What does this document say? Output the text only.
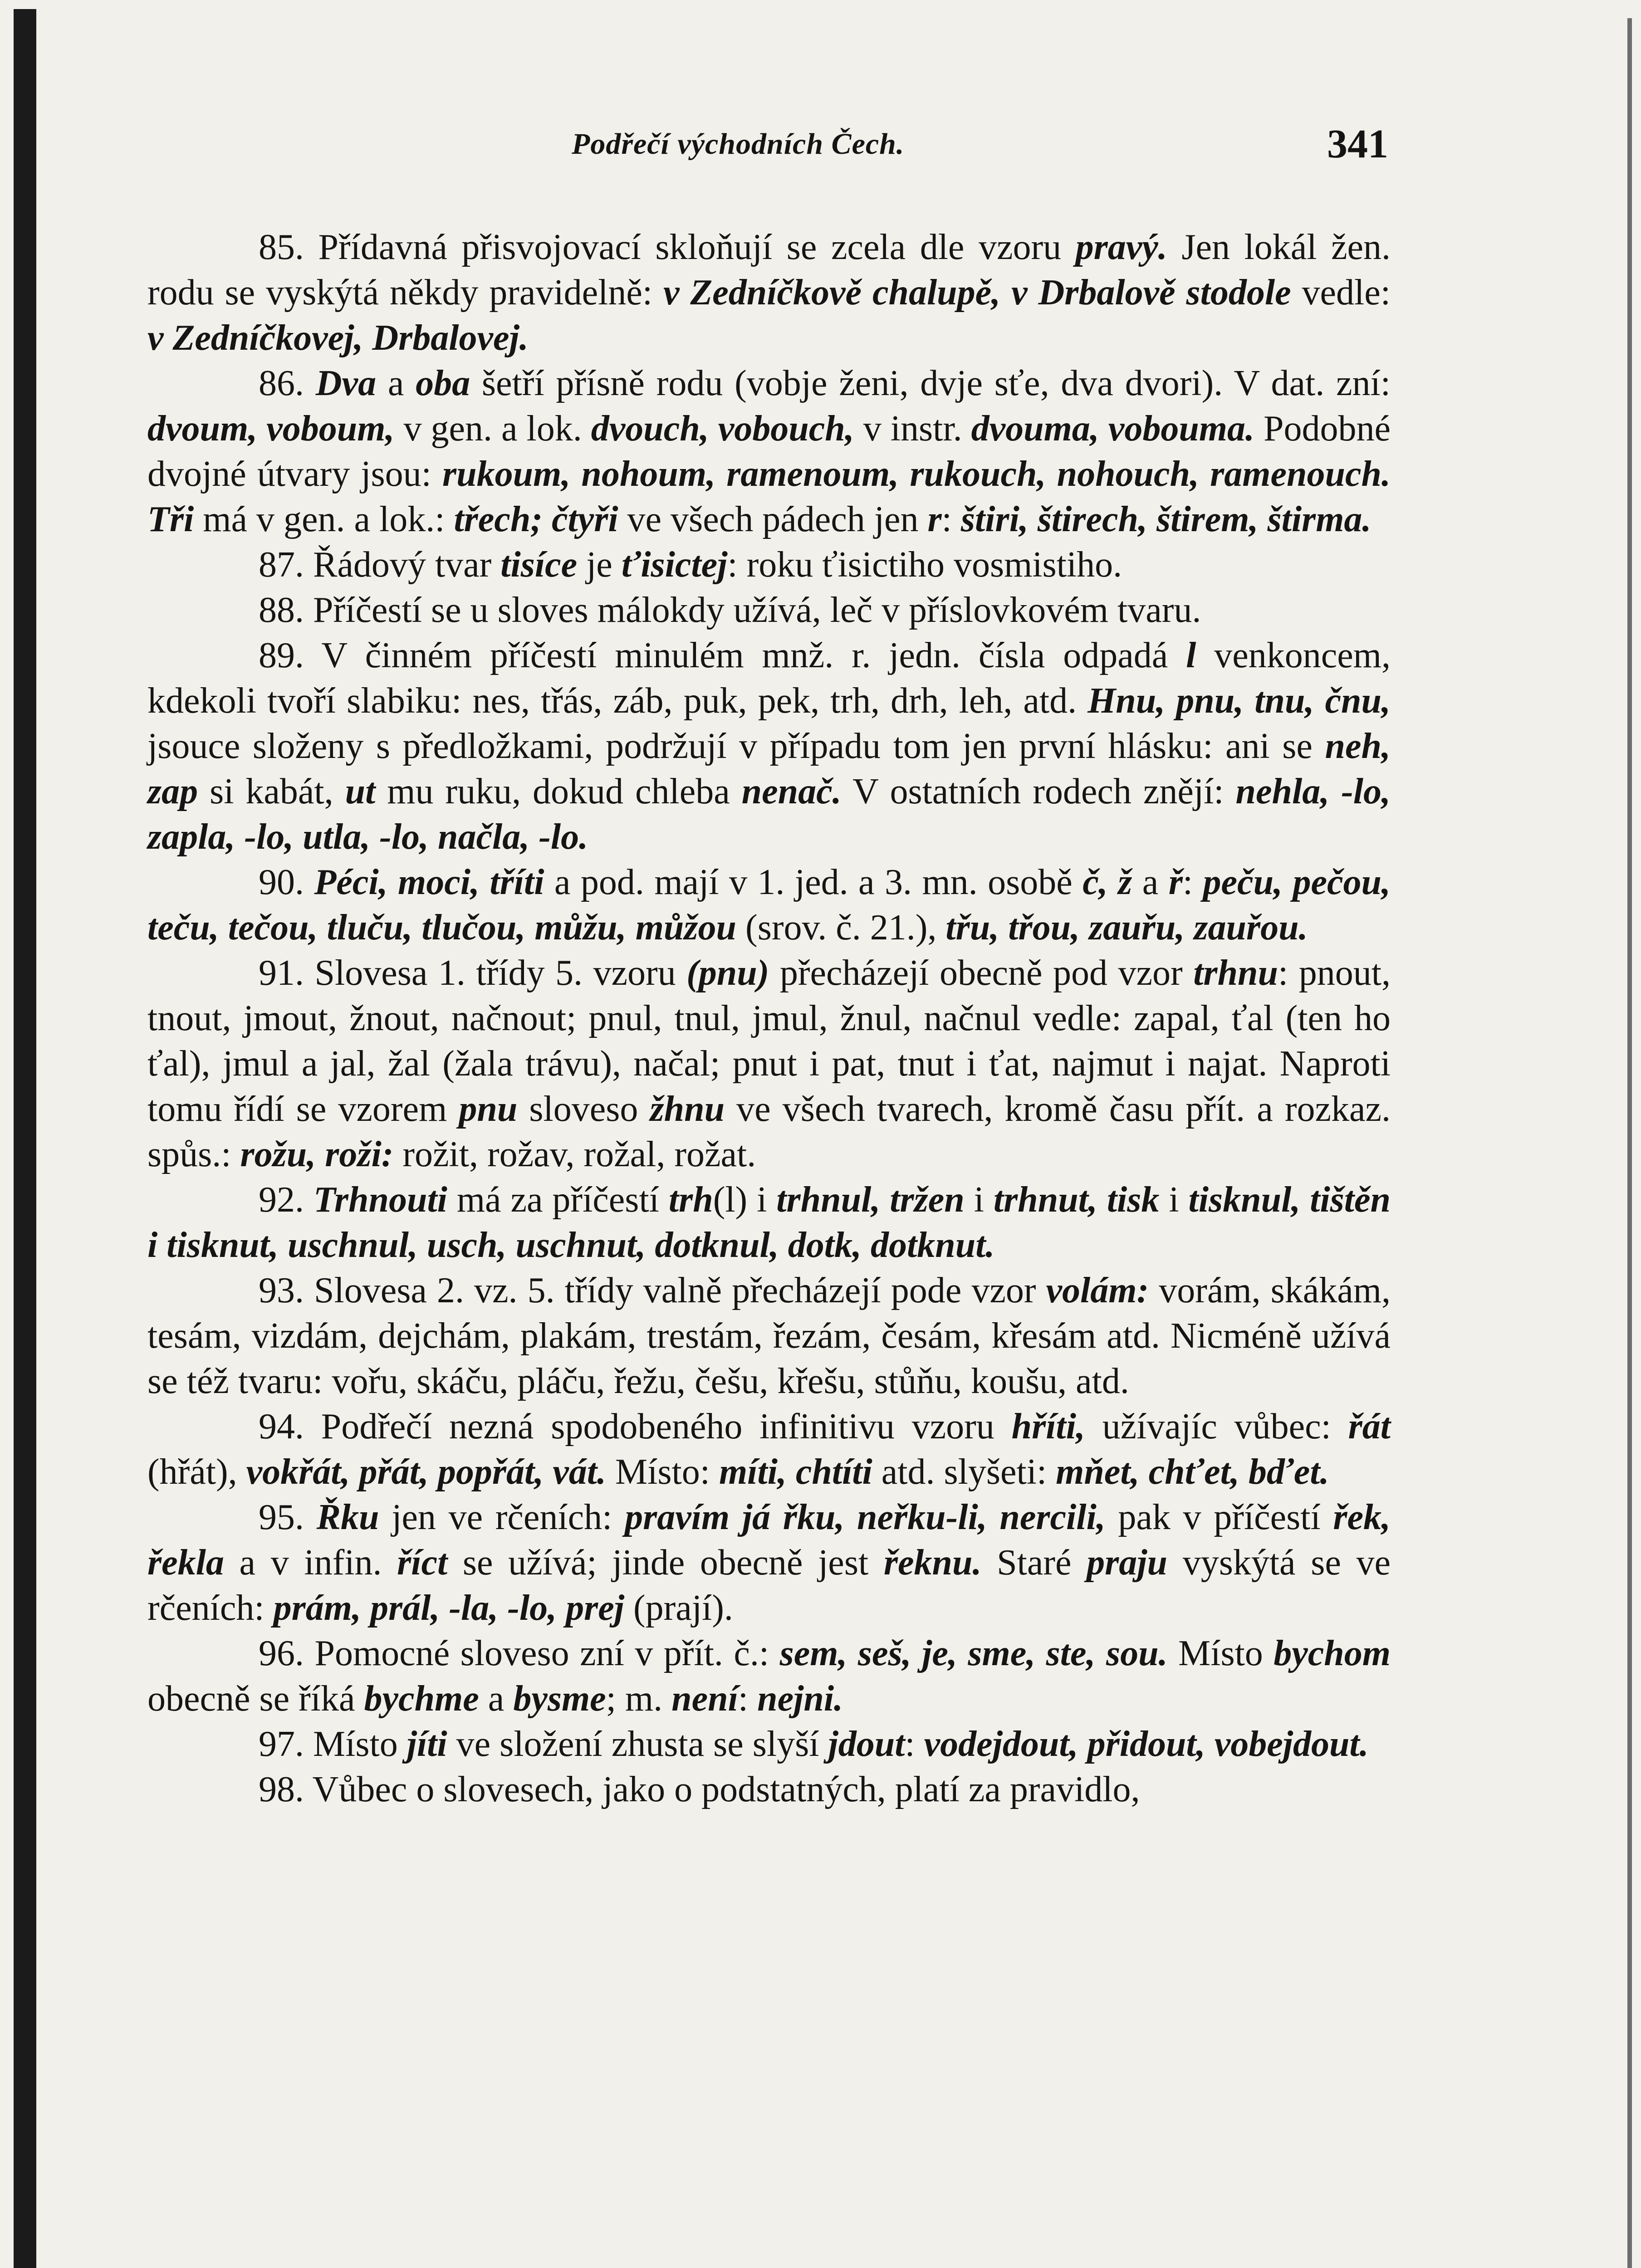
Podřečí východních Čech.	341

85. Přídavná přisvojovací skloňují se zcela dle vzoru pravý. Jen lokál žen. rodu se vyskýtá někdy pravidelně: v Zedníčkově chalupě, v Drbalově stodole vedle: v Zedníčkovej, Drbalovej.

86. Dva a oba šetří přísně rodu (vobje ženi, dvje sťe, dva dvori). V dat. zní: dvoum, voboum, v gen. a lok. dvouch, vobouch, v instr. dvouma, vobouma. Podobné dvojné útvary jsou: rukoum, nohoum, ramenoum, rukouch, nohouch, ramenouch. Tři má v gen. a lok.: třech; čtyři ve všech pádech jen r: štiri, štirech, štirem, štirma.

87. Řádový tvar tisíce je ťisictej: roku ťisictiho vosmistiho.

88. Příčestí se u sloves málokdy užívá, leč v příslovkovém tvaru.

89. V činném příčestí minulém mnž. r. jedn. čísla odpadá l venkoncem, kdekoli tvoří slabiku: nes, třás, záb, puk, pek, trh, drh, leh, atd. Hnu, pnu, tnu, čnu, jsouce složeny s předložkami, podržují v případu tom jen první hlásku: ani se neh, zap si kabát, ut mu ruku, dokud chleba nenač. V ostatních rodech znějí: nehla, -lo, zapla, -lo, utla, -lo, načla, -lo.

90. Péci, moci, tříti a pod. mají v 1. jed. a 3. mn. osobě č, ž a ř: peču, pečou, teču, tečou, tluču, tlučou, můžu, můžou (srov. č. 21.), třu, třou, zauřu, zauřou.

91. Slovesa 1. třídy 5. vzoru (pnu) přecházejí obecně pod vzor trhnu: pnout, tnout, jmout, žnout, načnout; pnul, tnul, jmul, žnul, načnul vedle: zapal, ťal (ten ho ťal), jmul a jal, žal (žala trávu), načal; pnut i pat, tnut i ťat, najmut i najat. Naproti tomu řídí se vzorem pnu sloveso žhnu ve všech tvarech, kromě času přít. a rozkaz. spůs.: rožu, roži: rožit, rožav, rožal, rožat.

92. Trhnouti má za příčestí trh(l) i trhnul, tržen i trhnut, tisk i tisknul, tištěn i tisknut, uschnul, usch, uschnut, dotknul, dotk, dotknut.

93. Slovesa 2. vz. 5. třídy valně přecházejí pode vzor volám: vorám, skákám, tesám, vizdám, dejchám, plakám, trestám, řezám, česám, křesám atd. Nicméně užívá se též tvaru: vořu, skáču, pláču, řežu, češu, křešu, stůňu, koušu, atd.

94. Podřečí nezná spodobeného infinitivu vzoru hříti, užívajíc vůbec: řát (hřát), vokřát, přát, popřát, vát. Místo: míti, chtíti atd. slyšeti: mňet, chťet, bďet.

95. Řku jen ve rčeních: pravím já řku, neřku-li, nercili, pak v příčestí řek, řekla a v infin. říct se užívá; jinde obecně jest řeknu. Staré praju vyskýtá se ve rčeních: prám, prál, -la, -lo, prej (prají).

96. Pomocné sloveso zní v přít. č.: sem, seš, je, sme, ste, sou. Místo bychom obecně se říká bychme a bysme; m. není: nejni.

97. Místo jíti ve složení zhusta se slyší jdout: vodejdout, přidout, vobejdout.

98. Vůbec o slovesech, jako o podstatných, platí za pravidlo,
